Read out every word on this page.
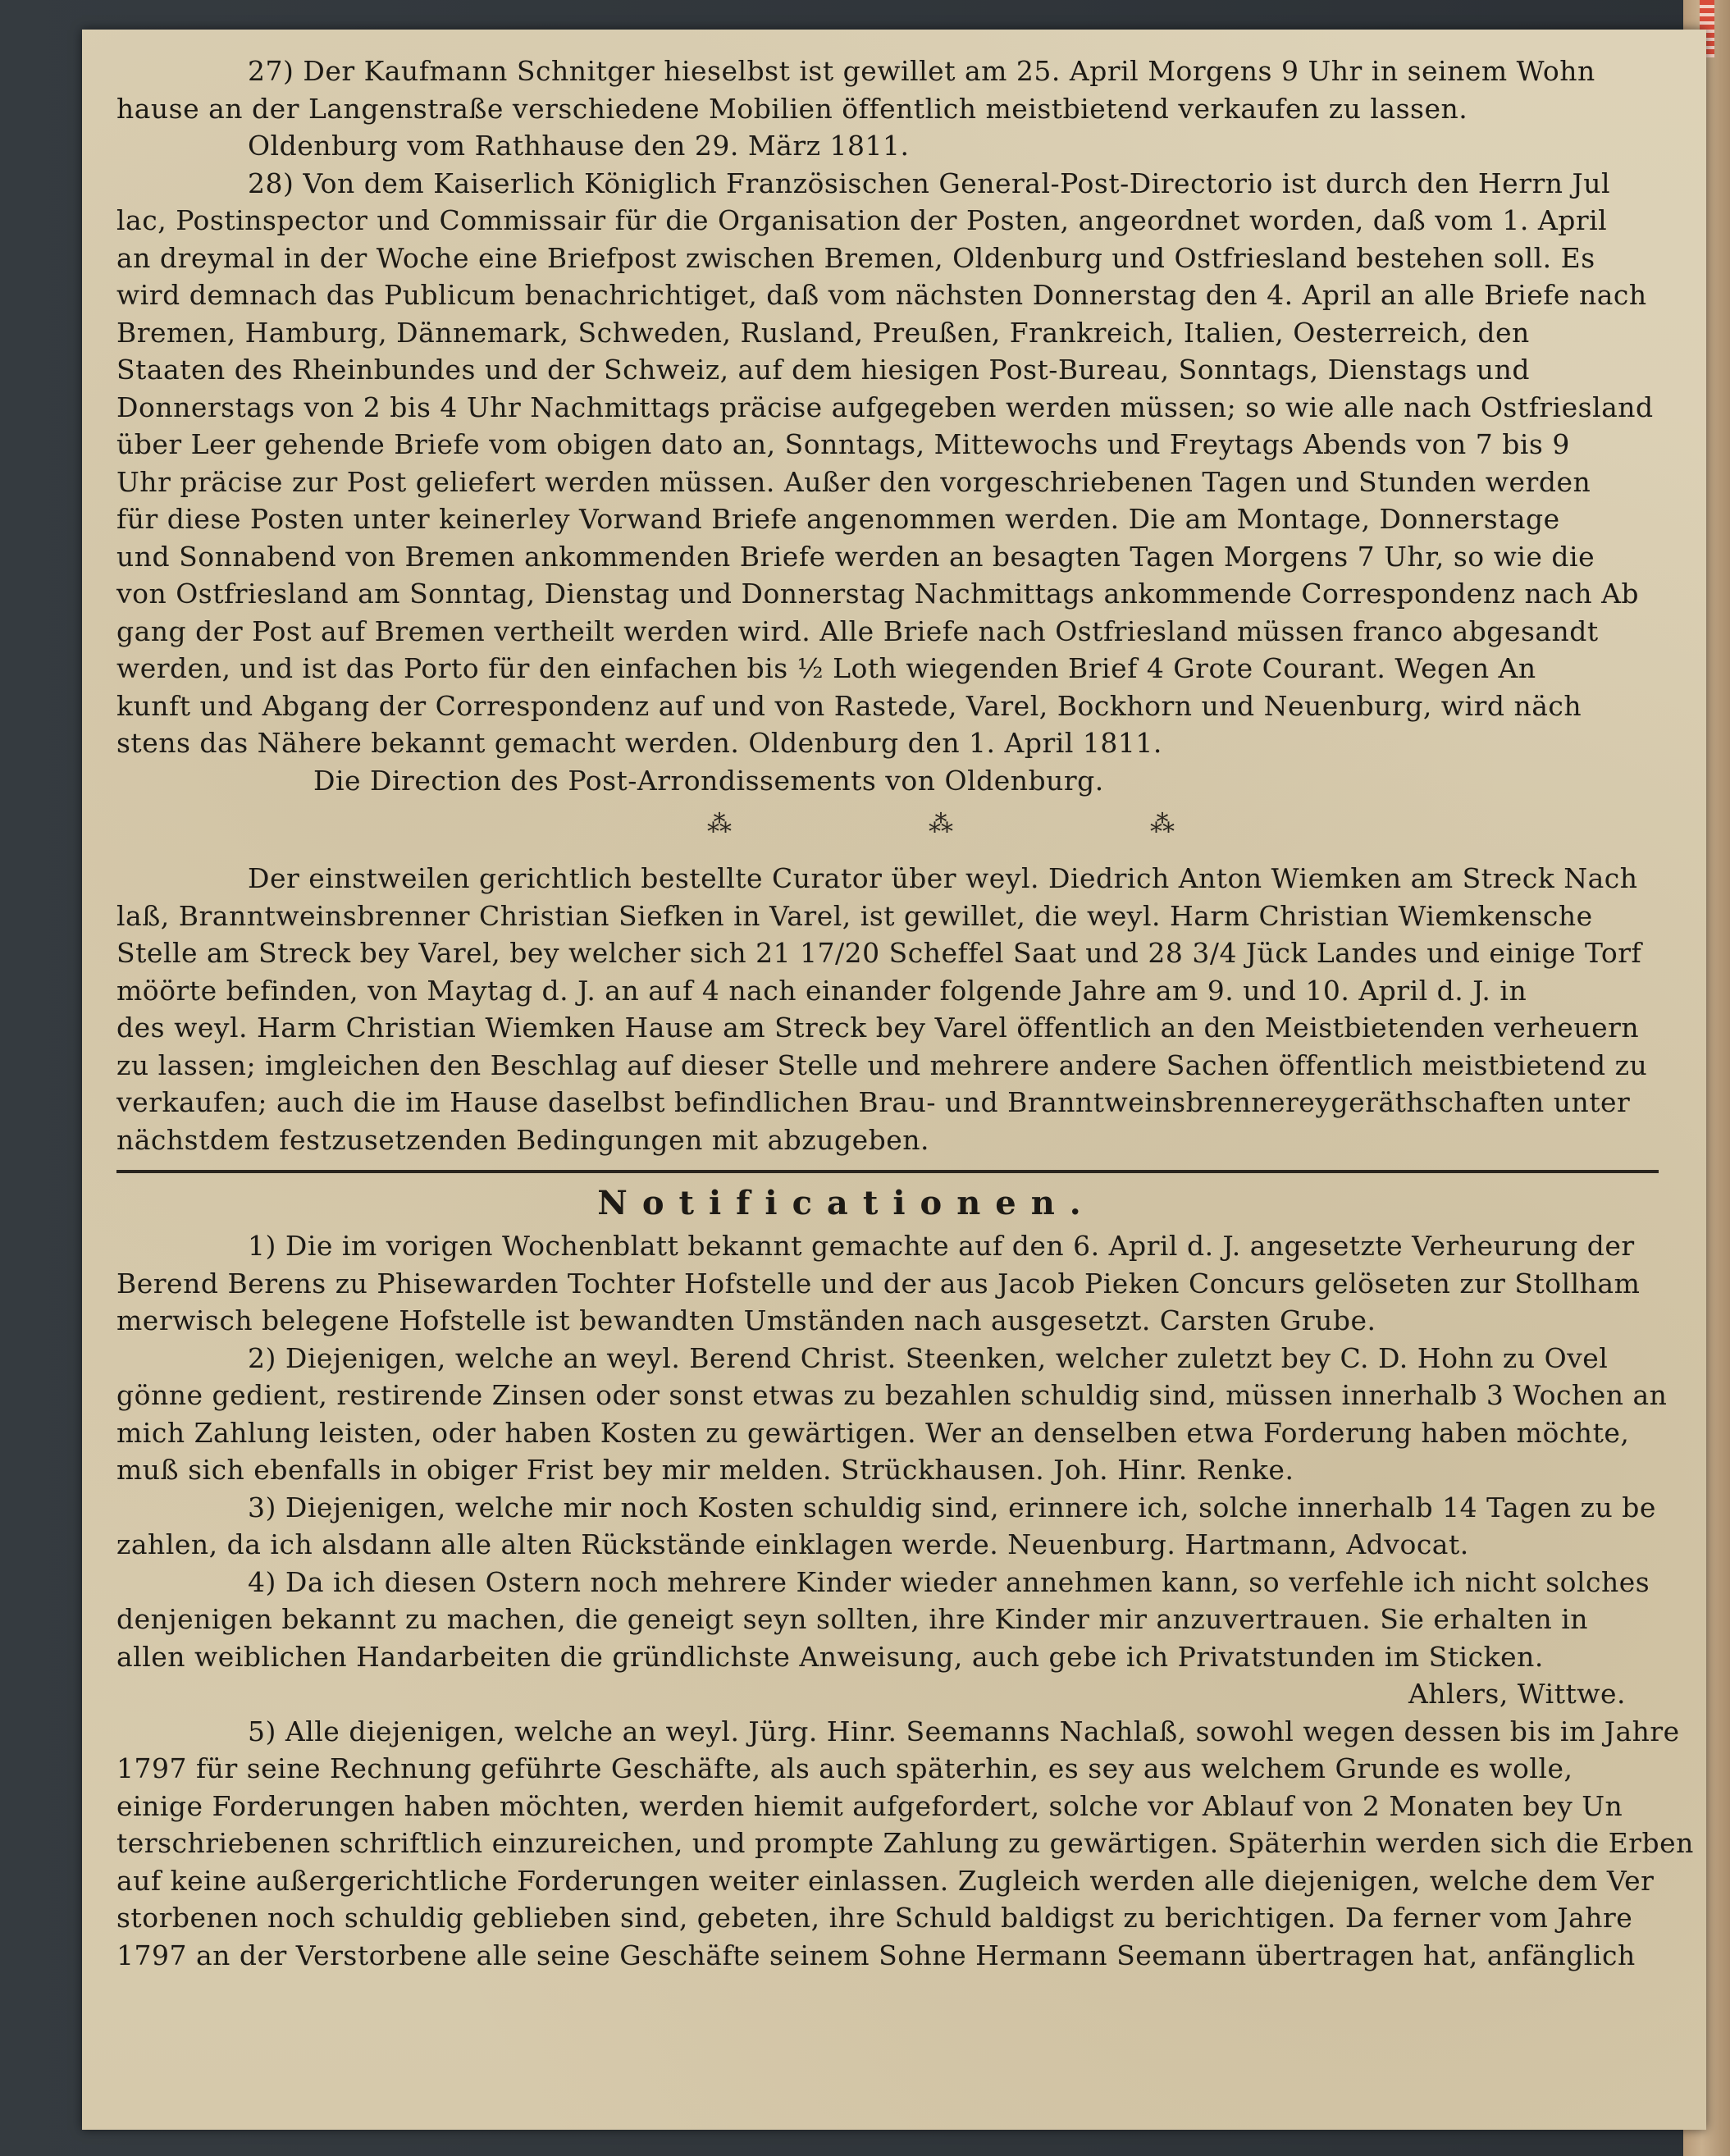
27) Der Kaufmann Schnitger hieselbst ist gewillet am 25. April Morgens 9 Uhr in seinem Wohn
hause an der Langenstraße verschiedene Mobilien öffentlich meistbietend verkaufen zu lassen.
Oldenburg vom Rathhause den 29. März 1811.
28) Von dem Kaiserlich Königlich Französischen General-Post-Directorio ist durch den Herrn Jul
lac, Postinspector und Commissair für die Organisation der Posten, angeordnet worden, daß vom 1. April
an dreymal in der Woche eine Briefpost zwischen Bremen, Oldenburg und Ostfriesland bestehen soll. Es
wird demnach das Publicum benachrichtiget, daß vom nächsten Donnerstag den 4. April an alle Briefe nach
Bremen, Hamburg, Dännemark, Schweden, Rusland, Preußen, Frankreich, Italien, Oesterreich, den
Staaten des Rheinbundes und der Schweiz, auf dem hiesigen Post-Bureau, Sonntags, Dienstags und
Donnerstags von 2 bis 4 Uhr Nachmittags präcise aufgegeben werden müssen; so wie alle nach Ostfriesland
über Leer gehende Briefe vom obigen dato an, Sonntags, Mittewochs und Freytags Abends von 7 bis 9
Uhr präcise zur Post geliefert werden müssen. Außer den vorgeschriebenen Tagen und Stunden werden
für diese Posten unter keinerley Vorwand Briefe angenommen werden. Die am Montage, Donnerstage
und Sonnabend von Bremen ankommenden Briefe werden an besagten Tagen Morgens 7 Uhr, so wie die
von Ostfriesland am Sonntag, Dienstag und Donnerstag Nachmittags ankommende Correspondenz nach Ab
gang der Post auf Bremen vertheilt werden wird. Alle Briefe nach Ostfriesland müssen franco abgesandt
werden, und ist das Porto für den einfachen bis ½ Loth wiegenden Brief 4 Grote Courant. Wegen An
kunft und Abgang der Correspondenz auf und von Rastede, Varel, Bockhorn und Neuenburg, wird näch
stens das Nähere bekannt gemacht werden. Oldenburg den 1. April 1811.
Die Direction des Post-Arrondissements von Oldenburg.
⁂	⁂	⁂
Der einstweilen gerichtlich bestellte Curator über weyl. Diedrich Anton Wiemken am Streck Nach
laß, Branntweinsbrenner Christian Siefken in Varel, ist gewillet, die weyl. Harm Christian Wiemkensche
Stelle am Streck bey Varel, bey welcher sich 21 17/20 Scheffel Saat und 28 3/4 Jück Landes und einige Torf
möörte befinden, von Maytag d. J. an auf 4 nach einander folgende Jahre am 9. und 10. April d. J. in
des weyl. Harm Christian Wiemken Hause am Streck bey Varel öffentlich an den Meistbietenden verheuern
zu lassen; imgleichen den Beschlag auf dieser Stelle und mehrere andere Sachen öffentlich meistbietend zu
verkaufen; auch die im Hause daselbst befindlichen Brau- und Branntweinsbrennereygeräthschaften unter
nächstdem festzusetzenden Bedingungen mit abzugeben.
Notificationen.
1) Die im vorigen Wochenblatt bekannt gemachte auf den 6. April d. J. angesetzte Verheurung der
Berend Berens zu Phisewarden Tochter Hofstelle und der aus Jacob Pieken Concurs gelöseten zur Stollham
merwisch belegene Hofstelle ist bewandten Umständen nach ausgesetzt. Carsten Grube.
2) Diejenigen, welche an weyl. Berend Christ. Steenken, welcher zuletzt bey C. D. Hohn zu Ovel
gönne gedient, restirende Zinsen oder sonst etwas zu bezahlen schuldig sind, müssen innerhalb 3 Wochen an
mich Zahlung leisten, oder haben Kosten zu gewärtigen. Wer an denselben etwa Forderung haben möchte,
muß sich ebenfalls in obiger Frist bey mir melden. Strückhausen. Joh. Hinr. Renke.
3) Diejenigen, welche mir noch Kosten schuldig sind, erinnere ich, solche innerhalb 14 Tagen zu be
zahlen, da ich alsdann alle alten Rückstände einklagen werde. Neuenburg. Hartmann, Advocat.
4) Da ich diesen Ostern noch mehrere Kinder wieder annehmen kann, so verfehle ich nicht solches
denjenigen bekannt zu machen, die geneigt seyn sollten, ihre Kinder mir anzuvertrauen. Sie erhalten in
allen weiblichen Handarbeiten die gründlichste Anweisung, auch gebe ich Privatstunden im Sticken.
Ahlers, Wittwe.
5) Alle diejenigen, welche an weyl. Jürg. Hinr. Seemanns Nachlaß, sowohl wegen dessen bis im Jahre
1797 für seine Rechnung geführte Geschäfte, als auch späterhin, es sey aus welchem Grunde es wolle,
einige Forderungen haben möchten, werden hiemit aufgefordert, solche vor Ablauf von 2 Monaten bey Un
terschriebenen schriftlich einzureichen, und prompte Zahlung zu gewärtigen. Späterhin werden sich die Erben
auf keine außergerichtliche Forderungen weiter einlassen. Zugleich werden alle diejenigen, welche dem Ver
storbenen noch schuldig geblieben sind, gebeten, ihre Schuld baldigst zu berichtigen. Da ferner vom Jahre
1797 an der Verstorbene alle seine Geschäfte seinem Sohne Hermann Seemann übertragen hat, anfänglich
